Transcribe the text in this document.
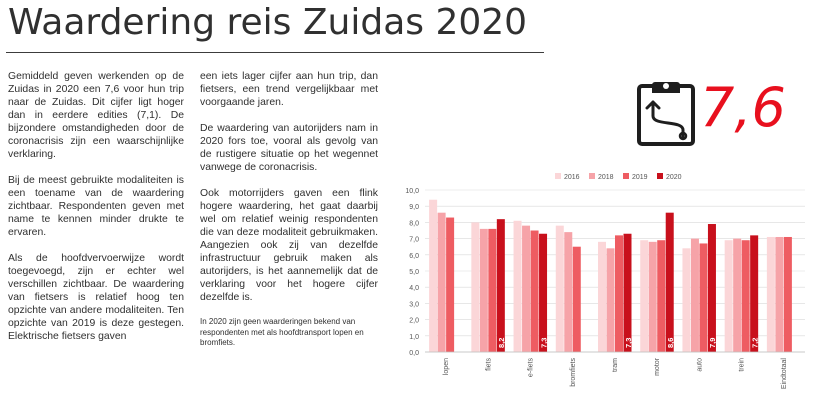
Waardering reis Zuidas 2020

Gemiddeld geven werkenden op de Zuidas in 2020 een 7,6 voor hun trip naar de Zuidas. Dit cijfer ligt hoger dan in eerdere edities (7,1). De bijzondere omstandigheden door de coronacrisis zijn een waarschijnlijke verklaring.

Bij de meest gebruikte modaliteiten is een toename van de waardering zichtbaar. Respondenten geven met name te kennen minder drukte te ervaren.

Als de hoofdvervoerwijze wordt toegevoegd, zijn er echter wel verschillen zichtbaar. De waardering van fietsers is relatief hoog ten opzichte van andere modaliteiten. Ten opzichte van 2019 is deze gestegen. Elektrische fietsers gaven

een iets lager cijfer aan hun trip, dan fietsers, een trend vergelijkbaar met voorgaande jaren.

De waardering van autorijders nam in 2020 fors toe, vooral als gevolg van de rustigere situatie op het wegennet vanwege de coronacrisis.

Ook motorrijders gaven een flink hogere waardering, het gaat daarbij wel om relatief weinig respondenten die van deze modaliteit gebruikmaken. Aangezien ook zij van dezelfde infrastructuur gebruik maken als autorijders, is het aannemelijk dat de verklaring voor het hogere cijfer dezelfde is.

In 2020 zijn geen waarderingen bekend van respondenten met als hoofdtransport lopen en bromfiets.

7,6
0,0
1,0
2,0
3,0
4,0
5,0
6,0
7,0
8,0
9,0
10,0
2016	2018	2019	2020
lopen
8,2
fiets
7,3
e-fiets	bromfiets
7,3
tram
8,6
motor
7,9
auto
7,2
trein	Eindtotaal
